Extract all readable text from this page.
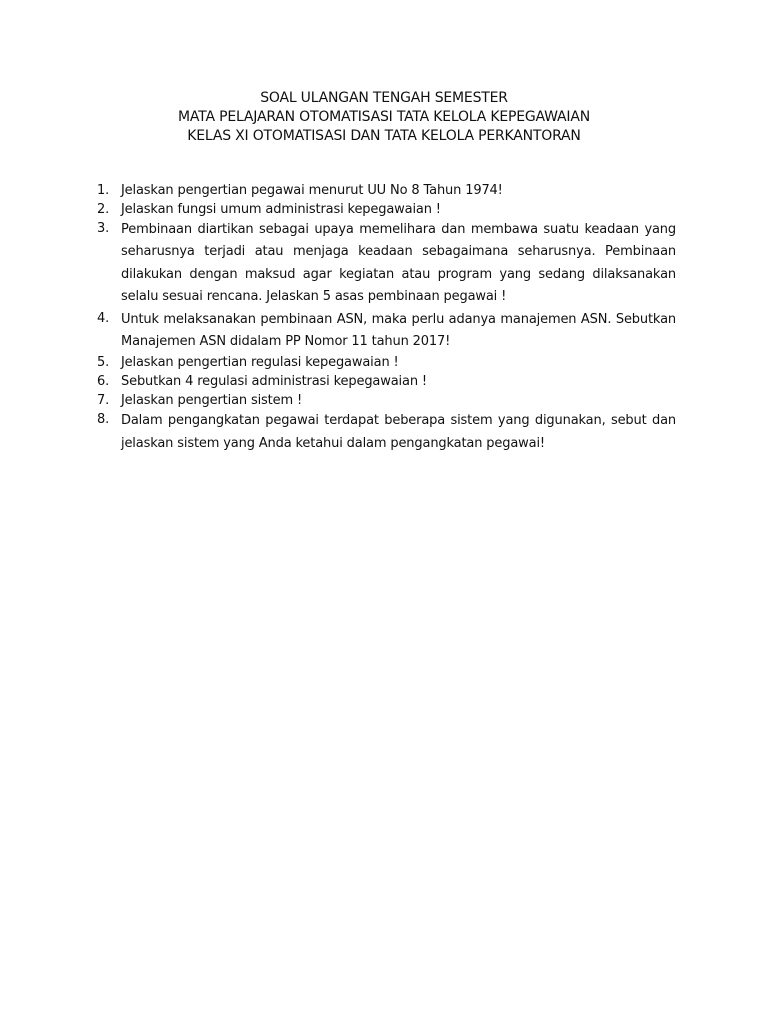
SOAL ULANGAN TENGAH SEMESTER
MATA PELAJARAN OTOMATISASI TATA KELOLA KEPEGAWAIAN
KELAS XI OTOMATISASI DAN TATA KELOLA PERKANTORAN
1. Jelaskan pengertian pegawai menurut UU No 8 Tahun 1974!
2. Jelaskan fungsi umum administrasi kepegawaian !
3. Pembinaan diartikan sebagai upaya memelihara dan membawa suatu keadaan yang seharusnya terjadi atau menjaga keadaan sebagaimana seharusnya. Pembinaan dilakukan dengan maksud agar kegiatan atau program yang sedang dilaksanakan selalu sesuai rencana. Jelaskan 5 asas pembinaan pegawai !
4. Untuk melaksanakan pembinaan ASN, maka perlu adanya manajemen ASN. Sebutkan Manajemen ASN didalam PP Nomor 11 tahun 2017!
5. Jelaskan pengertian regulasi kepegawaian !
6. Sebutkan 4 regulasi administrasi kepegawaian !
7. Jelaskan pengertian sistem !
8. Dalam pengangkatan pegawai terdapat beberapa sistem yang digunakan, sebut dan jelaskan sistem yang Anda ketahui dalam pengangkatan pegawai!
